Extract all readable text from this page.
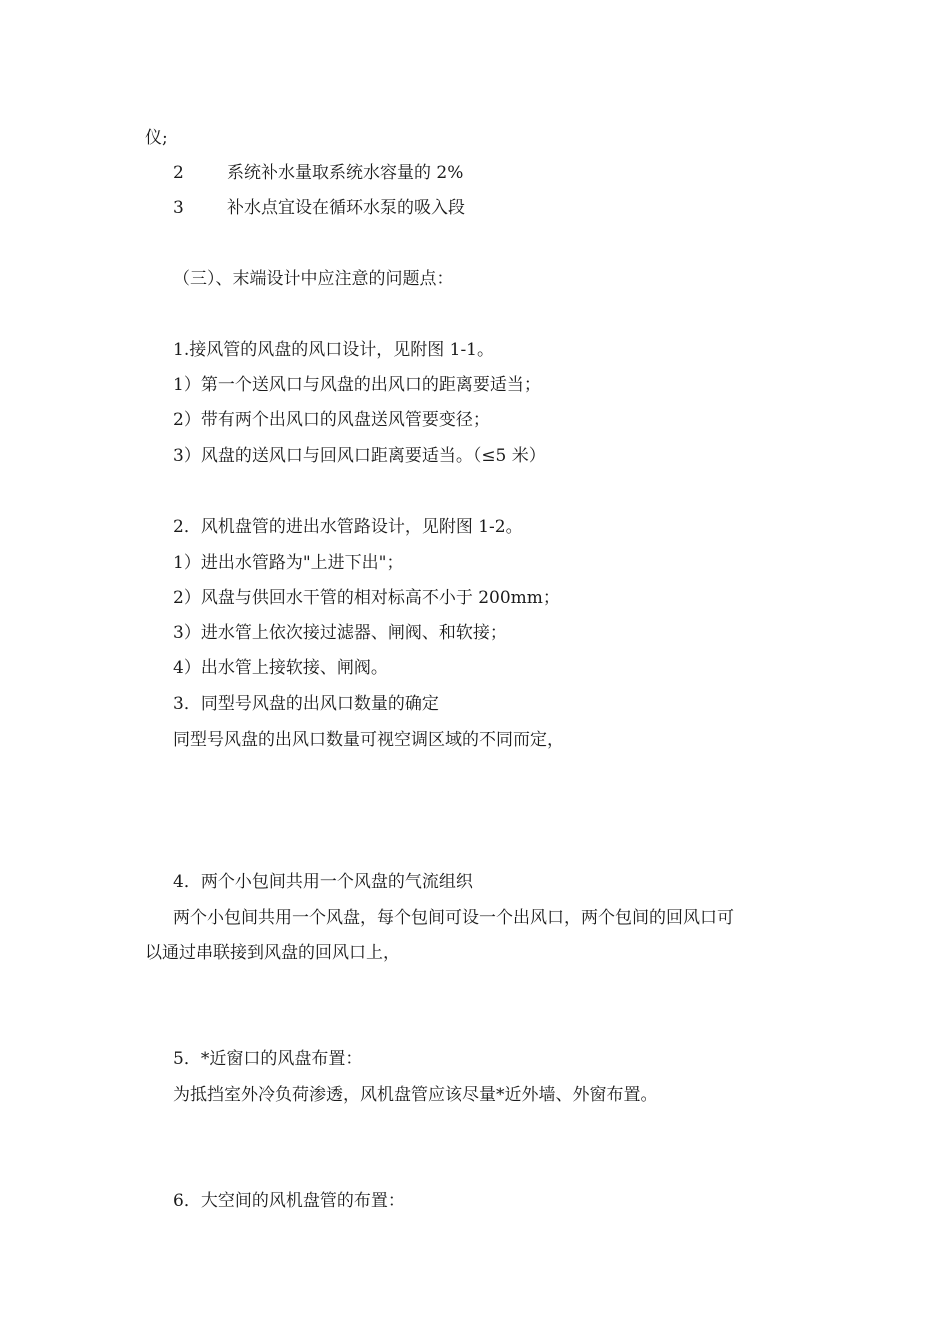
仪;
2	系统补水量取系统水容量的 2%
3	补水点宜设在循环水泵的吸入段
（三）、末端设计中应注意的问题点：
1.接风管的风盘的风口设计，见附图 1-1。
1）第一个送风口与风盘的出风口的距离要适当；
2）带有两个出风口的风盘送风管要变径；
3）风盘的送风口与回风口距离要适当。（≤5 米）
2．风机盘管的进出水管路设计，见附图 1-2。
1）进出水管路为"上进下出"；
2）风盘与供回水干管的相对标高不小于 200mm；
3）进水管上依次接过滤器、闸阀、和软接；
4）出水管上接软接、闸阀。
3．同型号风盘的出风口数量的确定
同型号风盘的出风口数量可视空调区域的不同而定，
4．两个小包间共用一个风盘的气流组织
两个小包间共用一个风盘，每个包间可设一个出风口，两个包间的回风口可
以通过串联接到风盘的回风口上，
5．*近窗口的风盘布置：
为抵挡室外冷负荷渗透，风机盘管应该尽量*近外墙、外窗布置。
6．大空间的风机盘管的布置：
